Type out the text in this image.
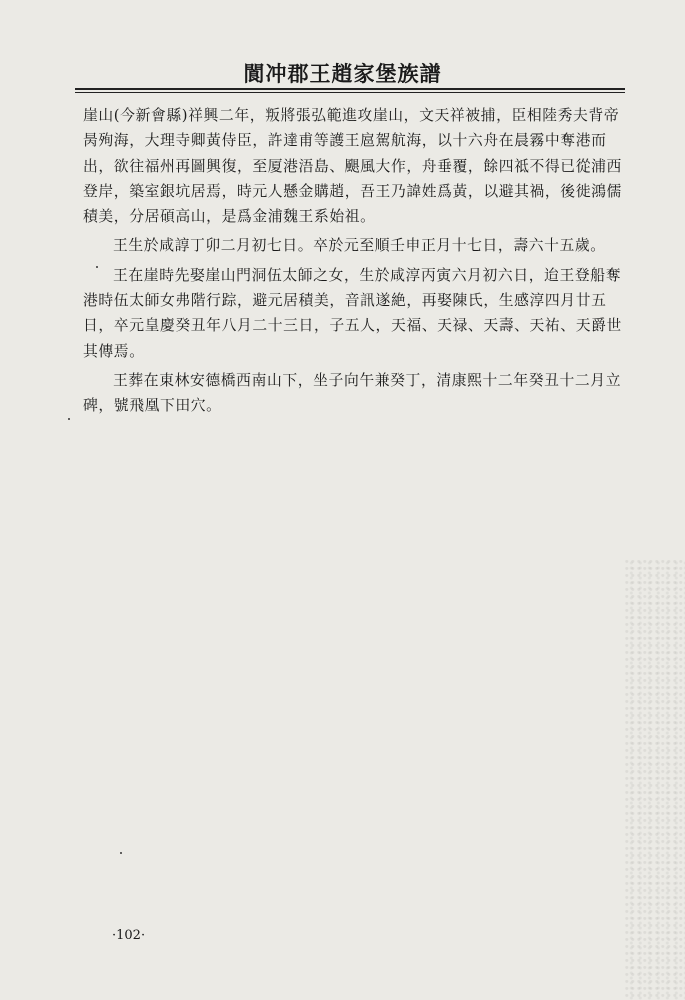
閬冲郡王趙家堡族譜

崖山(今新會縣)祥興二年，叛將張弘範進攻崖山，文天祥被捕，臣相陸秀夫背帝昺殉海，大理寺卿黃侍臣，許達甫等護王扈駕航海，以十六舟在晨霧中奪港而出，欲往福州再圖興復，至厦港浯島、颶風大作，舟垂覆，餘四祗不得已從浦西登岸，築室銀坑居焉，時元人懸金購趙，吾王乃諱姓爲黃，以避其禍，後徙鴻儒積美，分居碩高山，是爲金浦魏王系始祖。

王生於咸諄丁卯二月初七日。卒於元至順壬申正月十七日，壽六十五歲。

王在崖時先娶崖山門洞伍太師之女，生於咸淳丙寅六月初六日，迨王登船奪港時伍太師女弗階行踪，避元居積美，音訊遂絶，再娶陳氏，生感淳四月廿五日，卒元皇慶癸丑年八月二十三日，子五人，天福、天禄、天壽、天祐、天爵世其傳焉。

王葬在東林安德橋西南山下，坐子向午兼癸丁，清康熙十二年癸丑十二月立碑，號飛凰下田穴。

·102·
